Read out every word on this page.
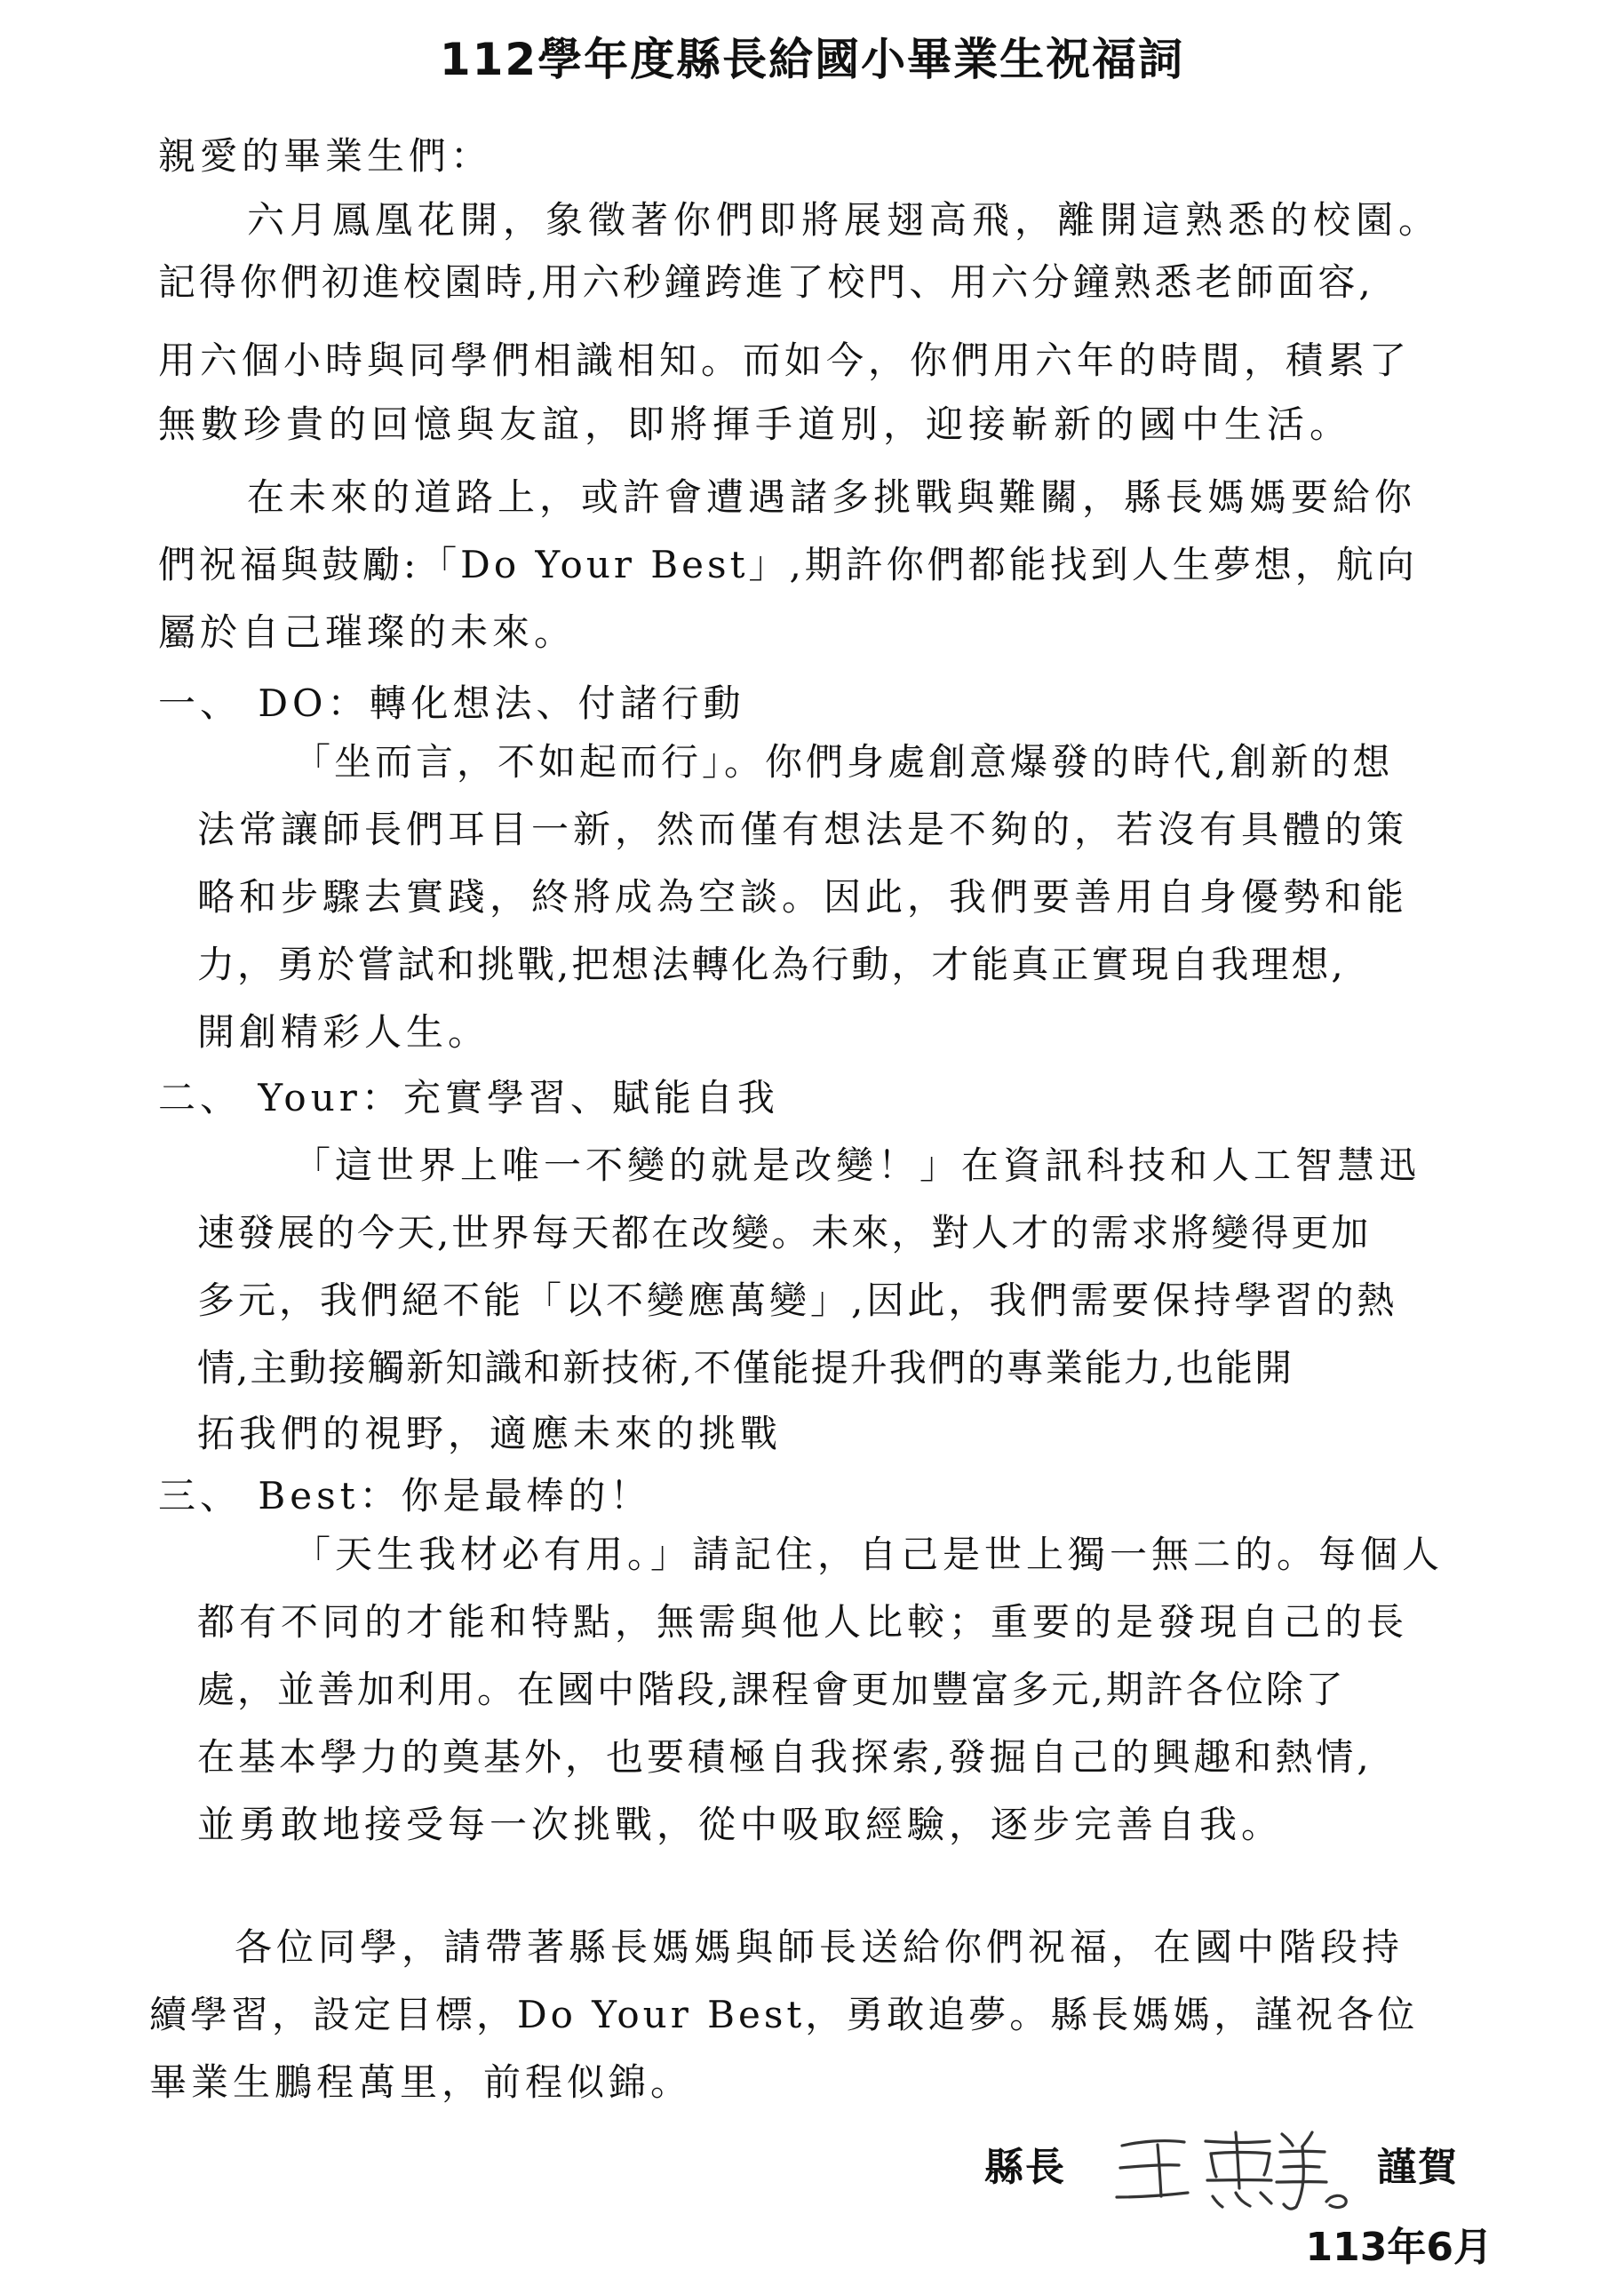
112學年度縣長給國小畢業生祝福詞
親愛的畢業生們：
六月鳳凰花開，象徵著你們即將展翅高飛，離開這熟悉的校園。
記得你們初進校園時,用六秒鐘跨進了校門、用六分鐘熟悉老師面容,
用六個小時與同學們相識相知。而如今，你們用六年的時間，積累了
無數珍貴的回憶與友誼，即將揮手道別，迎接嶄新的國中生活。
在未來的道路上，或許會遭遇諸多挑戰與難關，縣長媽媽要給你
們祝福與鼓勵:「Do Your Best」,期許你們都能找到人生夢想，航向
屬於自己璀璨的未來。
一、 DO：轉化想法、付諸行動
「坐而言，不如起而行」。你們身處創意爆發的時代,創新的想
法常讓師長們耳目一新，然而僅有想法是不夠的，若沒有具體的策
略和步驟去實踐，終將成為空談。因此，我們要善用自身優勢和能
力，勇於嘗試和挑戰,把想法轉化為行動，才能真正實現自我理想,
開創精彩人生。
二、 Your：充實學習、賦能自我
「這世界上唯一不變的就是改變！」在資訊科技和人工智慧迅
速發展的今天,世界每天都在改變。未來，對人才的需求將變得更加
多元，我們絕不能「以不變應萬變」,因此，我們需要保持學習的熱
情,主動接觸新知識和新技術,不僅能提升我們的專業能力,也能開
拓我們的視野，適應未來的挑戰
三、 Best：你是最棒的！
「天生我材必有用。」請記住，自己是世上獨一無二的。每個人
都有不同的才能和特點，無需與他人比較；重要的是發現自己的長
處，並善加利用。在國中階段,課程會更加豐富多元,期許各位除了
在基本學力的奠基外，也要積極自我探索,發掘自己的興趣和熱情,
並勇敢地接受每一次挑戰，從中吸取經驗，逐步完善自我。
各位同學，請帶著縣長媽媽與師長送給你們祝福，在國中階段持
續學習，設定目標，Do Your Best，勇敢追夢。縣長媽媽，謹祝各位
畢業生鵬程萬里，前程似錦。
縣長	謹賀
113年6月
